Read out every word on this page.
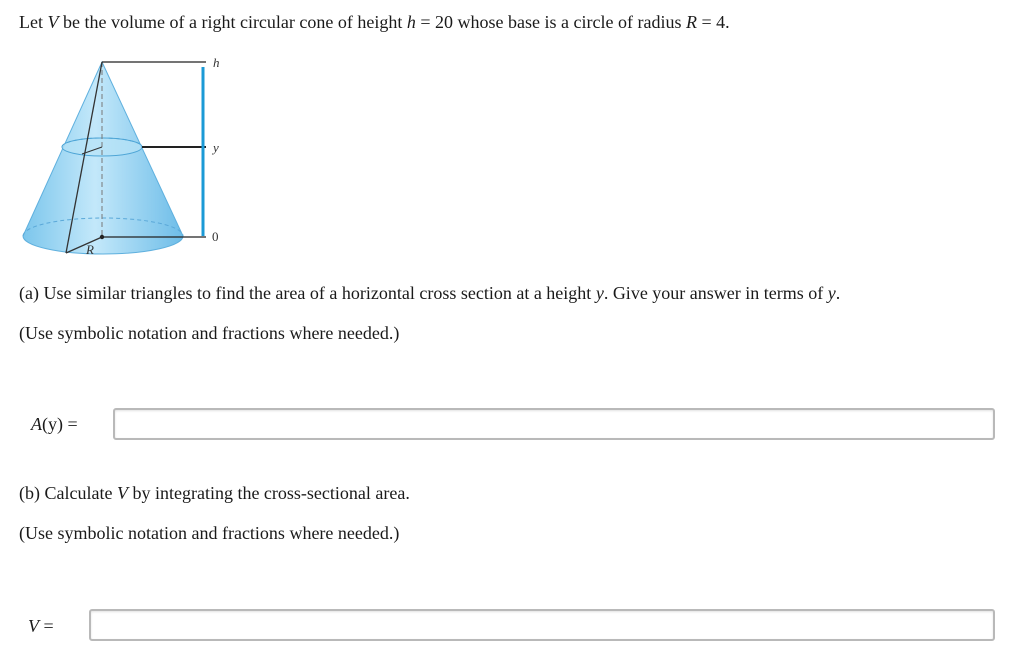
Let V be the volume of a right circular cone of height h = 20 whose base is a circle of radius R = 4.
h
y
0
R
(a) Use similar triangles to find the area of a horizontal cross section at a height y. Give your answer in terms of y.
(Use symbolic notation and fractions where needed.)
A(y) =
(b) Calculate V by integrating the cross-sectional area.
(Use symbolic notation and fractions where needed.)
V =
